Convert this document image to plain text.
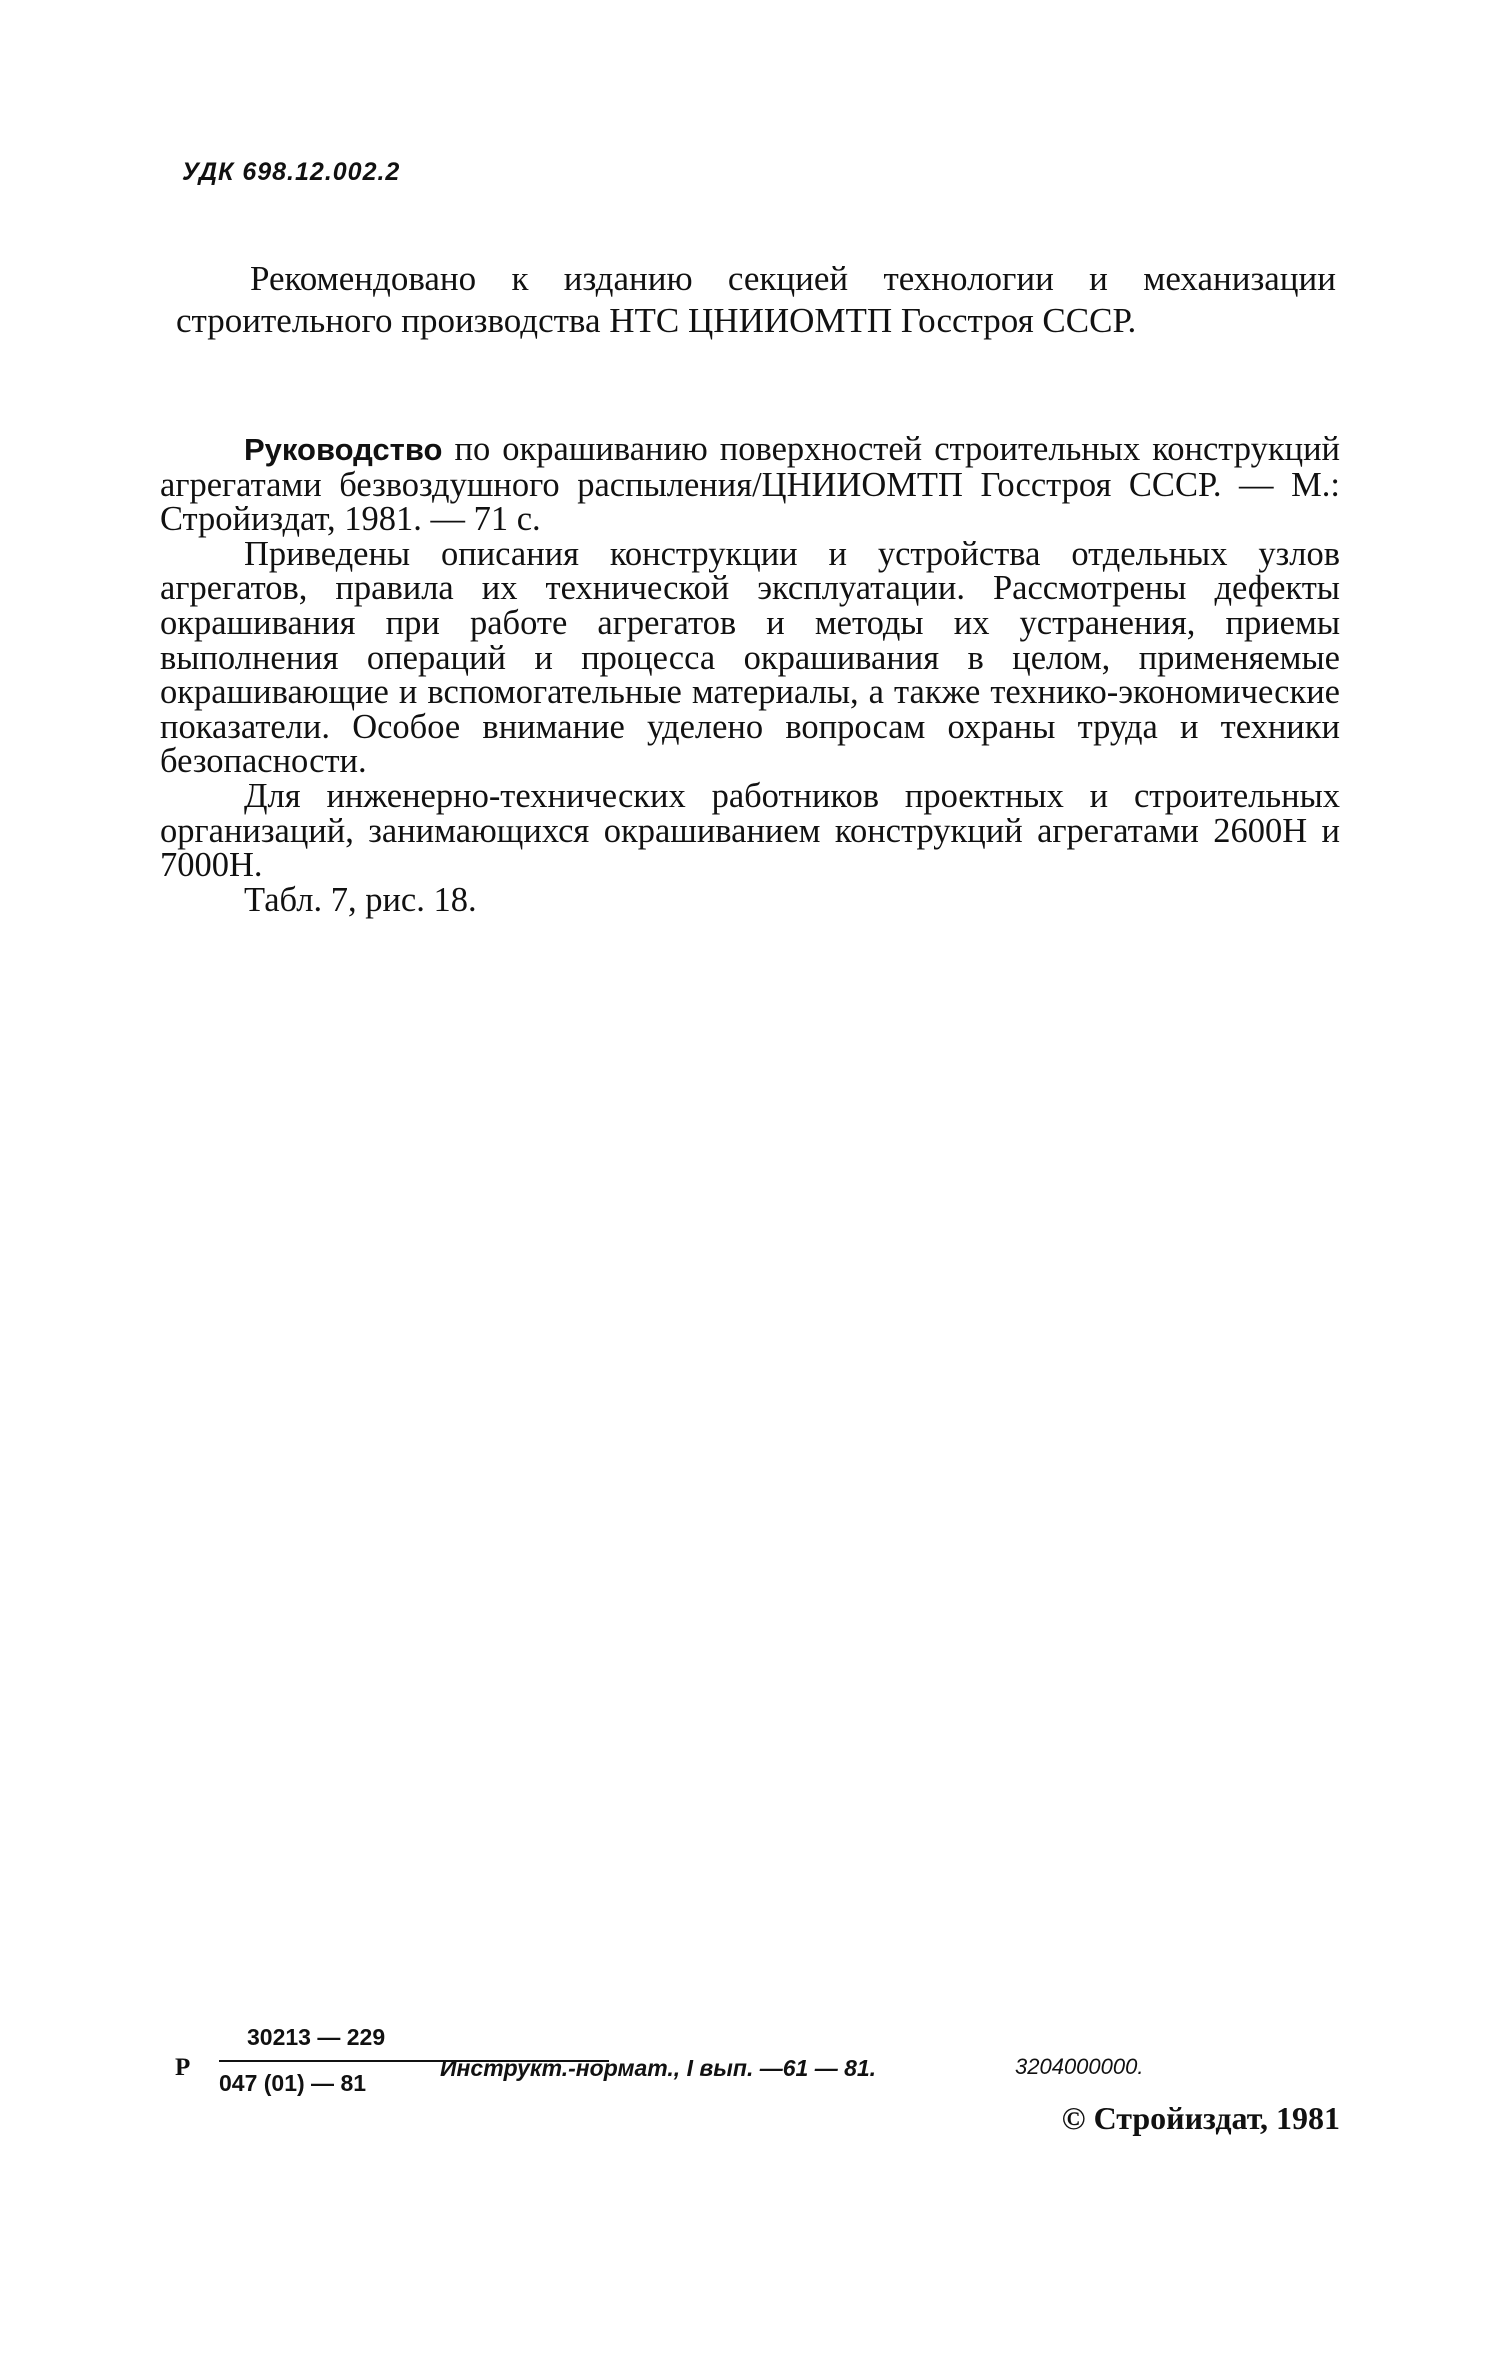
УДК 698.12.002.2
Рекомендовано к изданию секцией технологии и механизации строительного производства НТС ЦНИИОМТП Госстроя СССР.

Руководство по окрашиванию поверхностей строительных конструкций агрегатами безвоздушного распыления/ЦНИИОМТП Госстроя СССР. — М.: Стройиздат, 1981. — 71 с.

Приведены описания конструкции и устройства отдельных узлов агрегатов, правила их технической эксплуатации. Рассмотрены дефекты окрашивания при работе агрегатов и методы их устранения, приемы выполнения операций и процесса окрашивания в целом, применяемые окрашивающие и вспомогательные материалы, а также технико-экономические показатели. Особое внимание уделено вопросам охраны труда и техники безопасности.

Для инженерно-технических работников проектных и строительных организаций, занимающихся окрашиванием конструкций агрегатами 2600Н и 7000Н.

Табл. 7, рис. 18.

Р
30213 — 229
047 (01) — 81
Инструкт.-нормат., I вып. —61 — 81.	3204000000.
© Стройиздат, 1981
